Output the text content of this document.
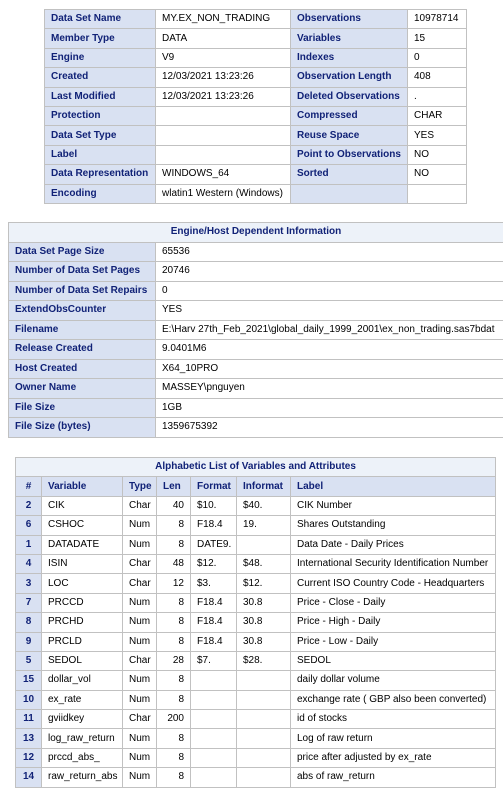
Data Set Name	MY.EX_NON_TRADING	Observations	10978714
Member Type	DATA	Variables	15
Engine	V9	Indexes	0
Created	12/03/2021 13:23:26	Observation Length	408
Last Modified	12/03/2021 13:23:26	Deleted Observations	.
Protection		Compressed	CHAR
Data Set Type		Reuse Space	YES
Label		Point to Observations	NO
Data Representation	WINDOWS_64	Sorted	NO
Encoding	wlatin1 Western (Windows)		
Engine/Host Dependent Information	
Data Set Page Size	65536
Number of Data Set Pages	20746
Number of Data Set Repairs	0
ExtendObsCounter	YES
Filename	E:\Harv 27th_Feb_2021\global_daily_1999_2001\ex_non_trading.sas7bdat
Release Created	9.0401M6
Host Created	X64_10PRO
Owner Name	MASSEY\pnguyen
File Size	1GB
File Size (bytes)	1359675392
Alphabetic List of Variables and Attributes						
#	Variable	Type	Len	Format	Informat	Label
2	CIK	Char	40	$10.	$40.	CIK Number
6	CSHOC	Num	8	F18.4	19.	Shares Outstanding
1	DATADATE	Num	8	DATE9.		Data Date - Daily Prices
4	ISIN	Char	48	$12.	$48.	International Security Identification Number
3	LOC	Char	12	$3.	$12.	Current ISO Country Code - Headquarters
7	PRCCD	Num	8	F18.4	30.8	Price - Close - Daily
8	PRCHD	Num	8	F18.4	30.8	Price - High - Daily
9	PRCLD	Num	8	F18.4	30.8	Price - Low - Daily
5	SEDOL	Char	28	$7.	$28.	SEDOL
15	dollar_vol	Num	8			daily dollar volume
10	ex_rate	Num	8			exchange rate ( GBP also been converted)
11	gviidkey	Char	200			id of stocks
13	log_raw_return	Num	8			Log of raw return
12	prccd_abs_	Num	8			price after adjusted by ex_rate
14	raw_return_abs	Num	8			abs of raw_return
